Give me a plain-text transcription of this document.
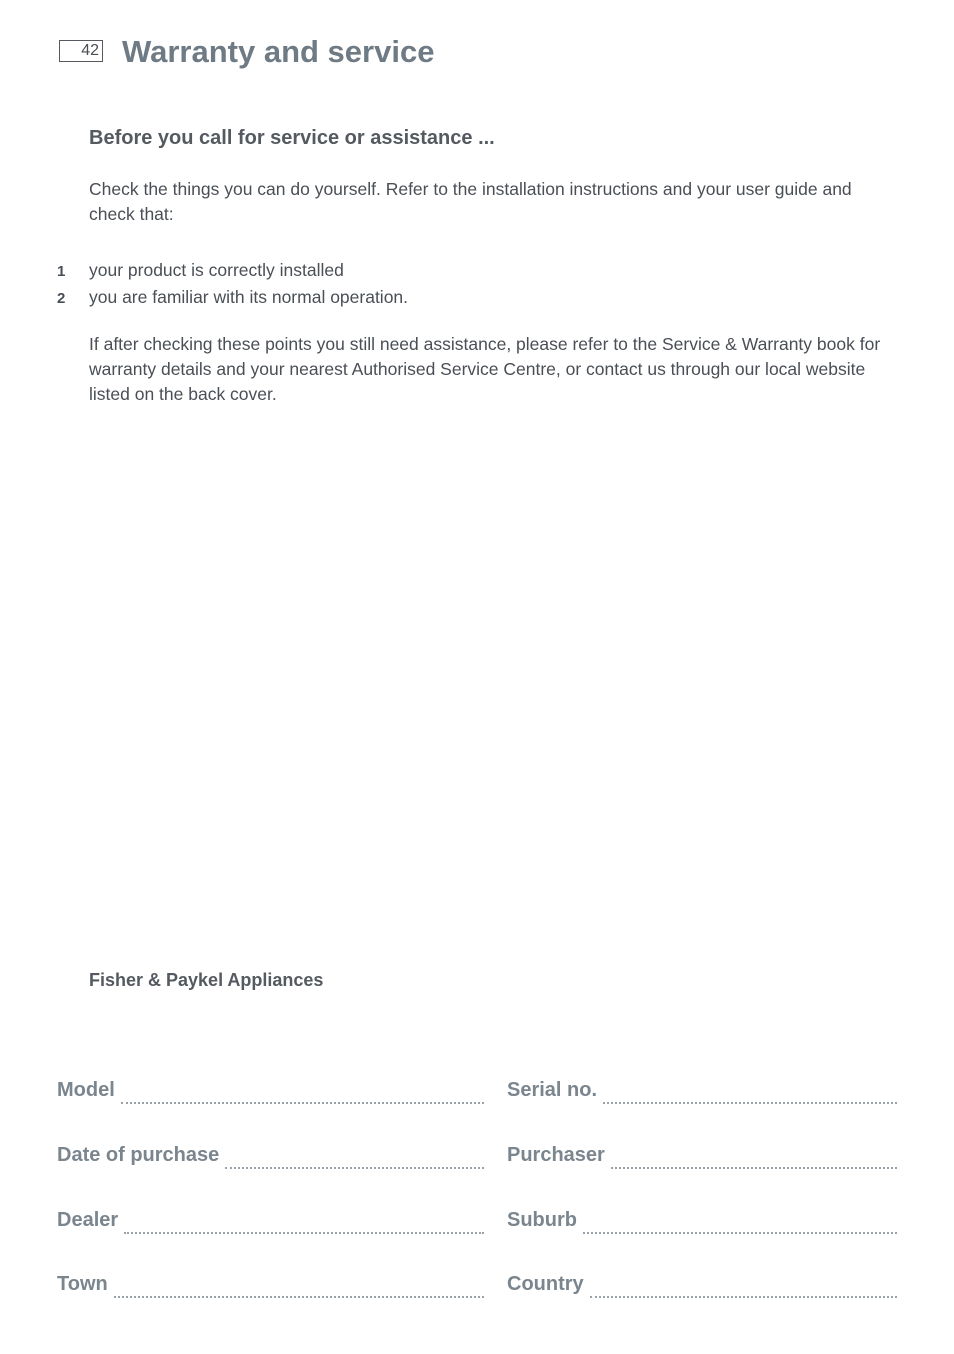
42 Warranty and service
Before you call for service or assistance ...

Check the things you can do yourself. Refer to the installation instructions and your user guide and check that:

1 your product is correctly installed
2 you are familiar with its normal operation.

If after checking these points you still need assistance, please refer to the Service & Warranty book for warranty details and your nearest Authorised Service Centre, or contact us through our local website listed on the back cover.

Fisher & Paykel Appliances

Model
Date of purchase
Dealer
Town
Serial no.
Purchaser
Suburb
Country
